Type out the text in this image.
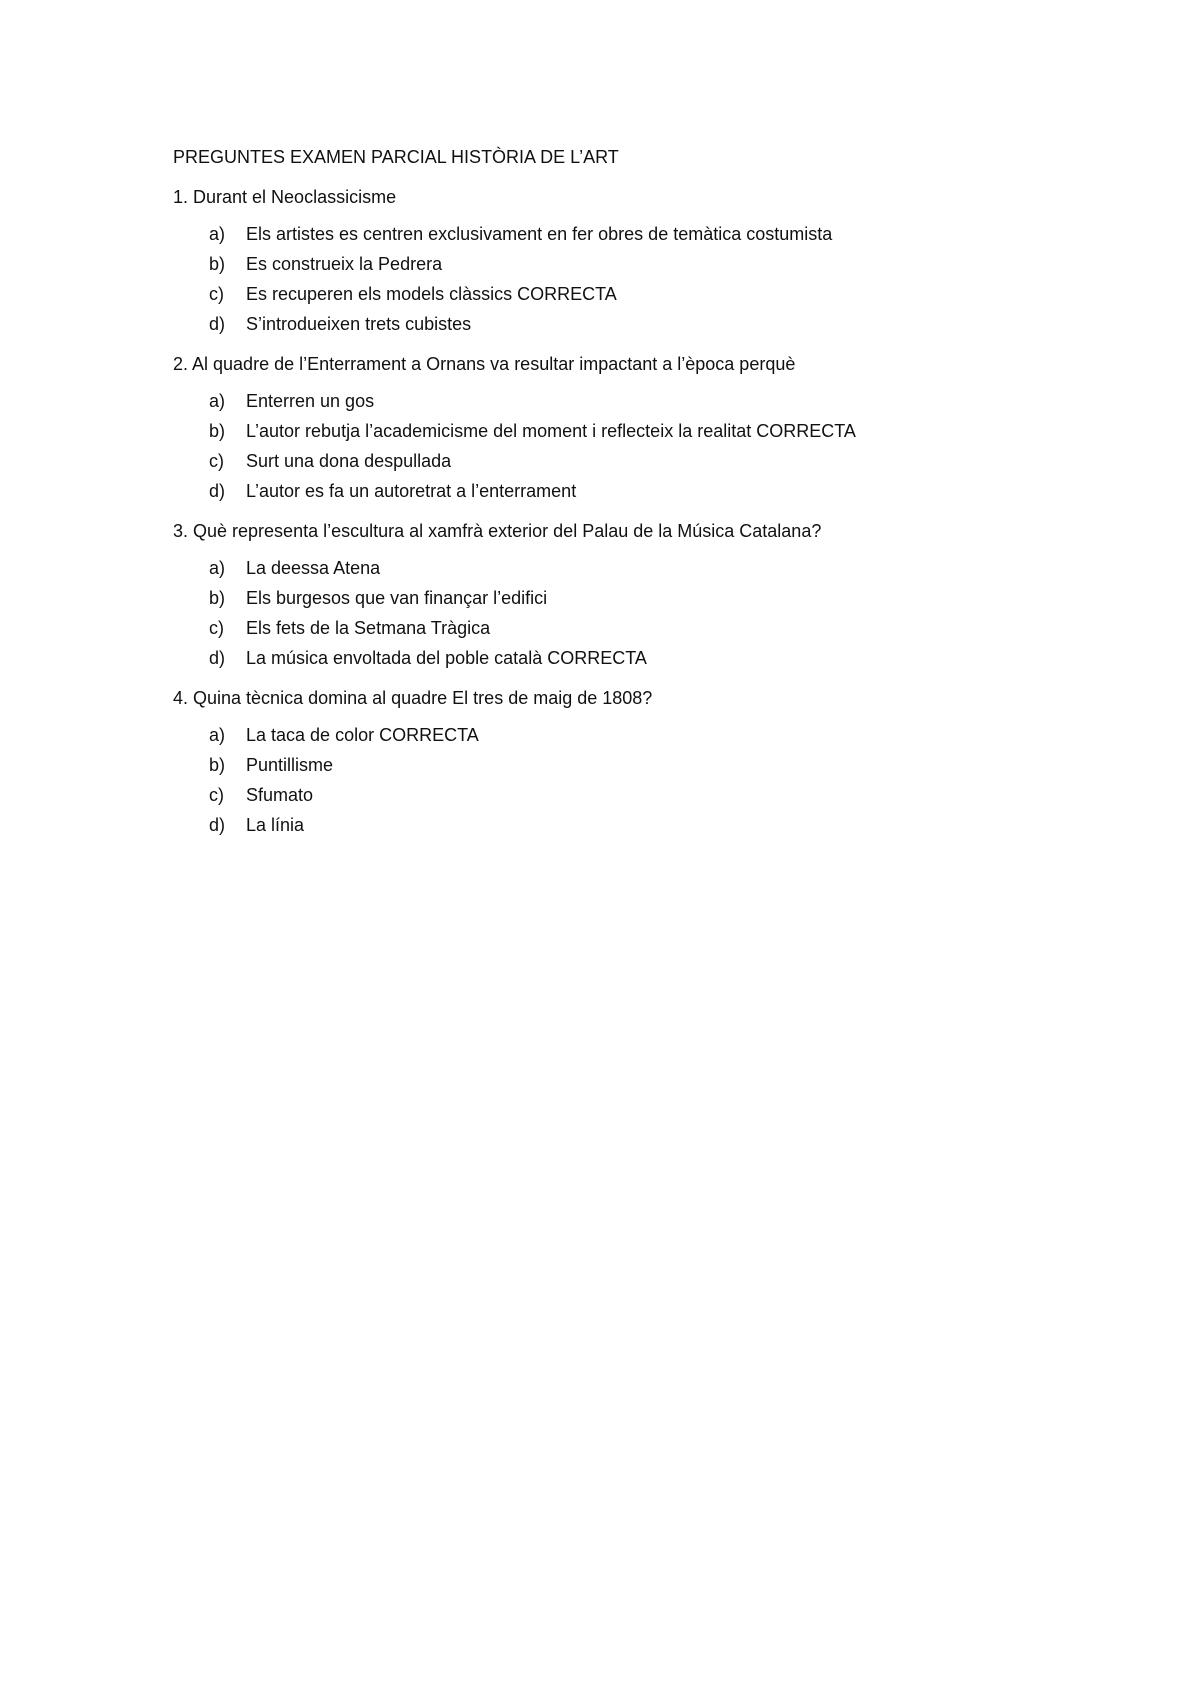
PREGUNTES EXAMEN PARCIAL HISTÒRIA DE L’ART
1. Durant el Neoclassicisme
a)	Els artistes es centren exclusivament en fer obres de temàtica costumista
b)	Es construeix la Pedrera
c)	Es recuperen els models clàssics CORRECTA
d)	S’introdueixen trets cubistes
2. Al quadre de l’Enterrament a Ornans va resultar impactant a l’època perquè
a)	Enterren un gos
b)	L’autor rebutja l’academicisme del moment i reflecteix la realitat CORRECTA
c)	Surt una dona despullada
d)	L’autor es fa un autoretrat a l’enterrament
3. Què representa l’escultura al xamfrà exterior del Palau de la Música Catalana?
a)	La deessa Atena
b)	Els burgesos que van finançar l’edifici
c)	Els fets de la Setmana Tràgica
d)	La música envoltada del poble català CORRECTA
4. Quina tècnica domina al quadre El tres de maig de 1808?
a)	La taca de color CORRECTA
b)	Puntillisme
c)	Sfumato
d)	La línia
